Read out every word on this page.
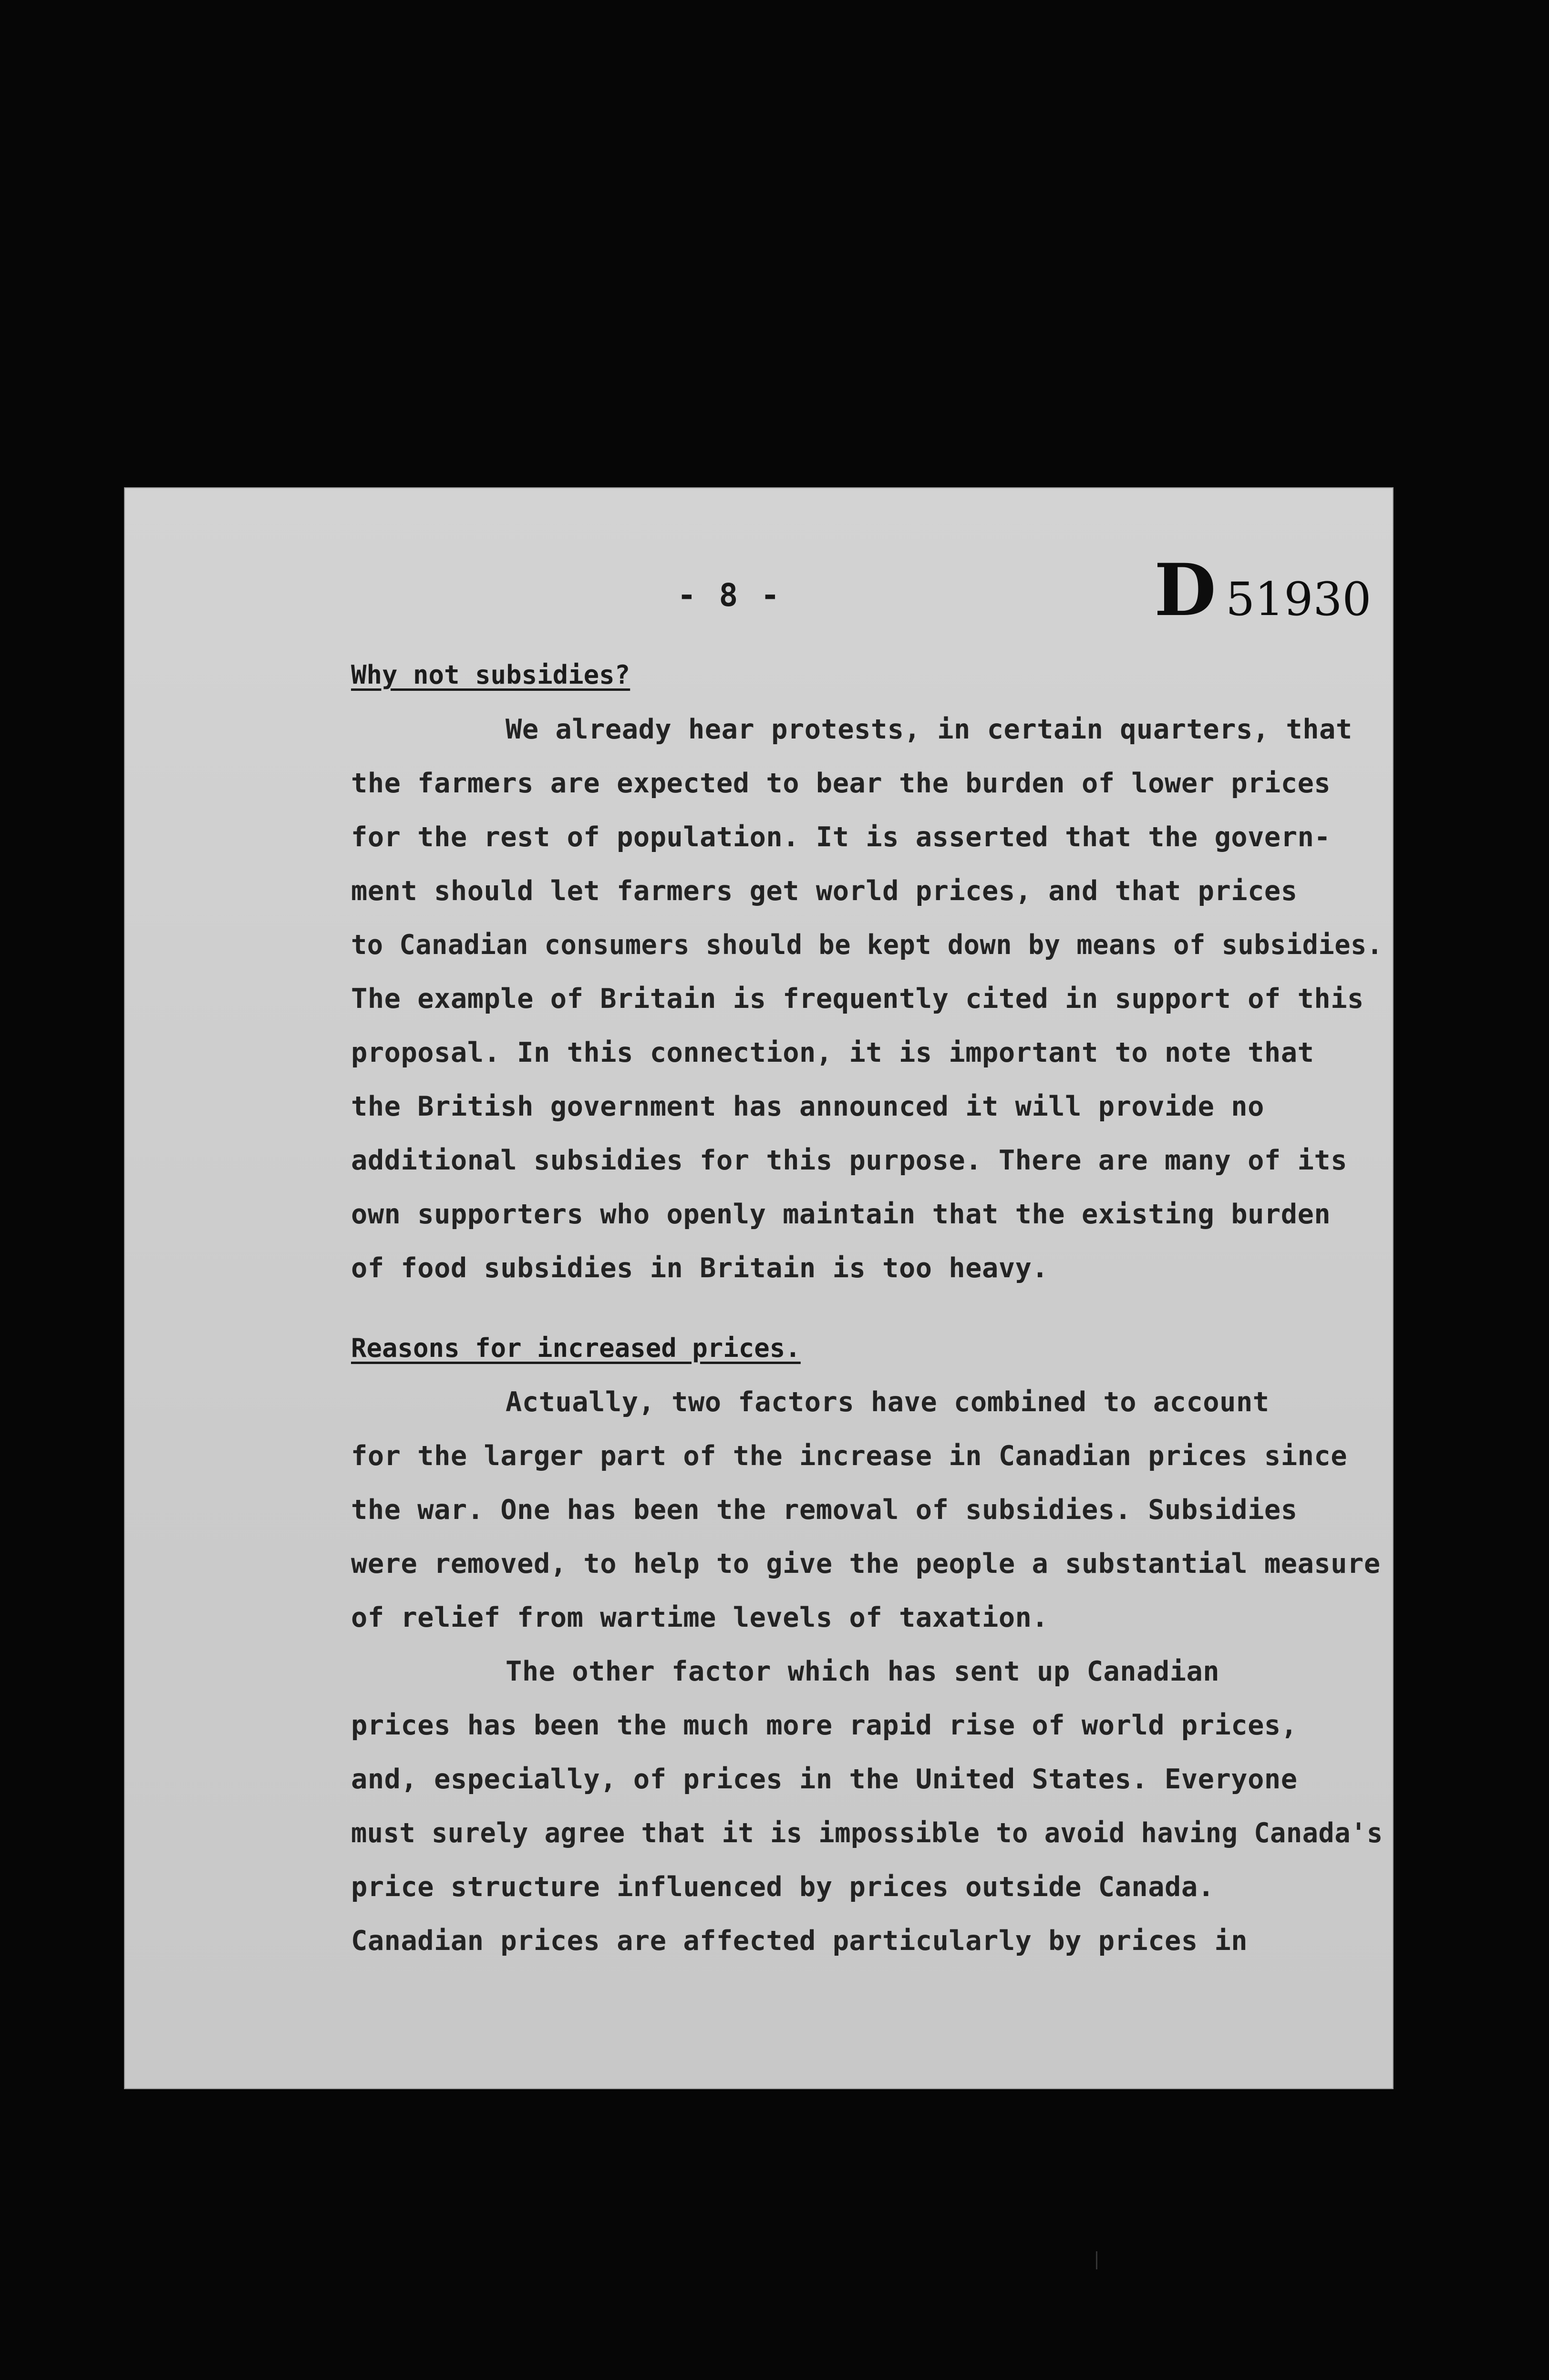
- 8 -	D 51930
Why not subsidies?
We already hear protests, in certain quarters, that
the farmers are expected to bear the burden of lower prices
for the rest of population. It is asserted that the govern-
ment should let farmers get world prices, and that prices
to Canadian consumers should be kept down by means of subsidies.
The example of Britain is frequently cited in support of this
proposal. In this connection, it is important to note that
the British government has announced it will provide no
additional subsidies for this purpose. There are many of its
own supporters who openly maintain that the existing burden
of food subsidies in Britain is too heavy.
Reasons for increased prices.
Actually, two factors have combined to account
for the larger part of the increase in Canadian prices since
the war. One has been the removal of subsidies. Subsidies
were removed, to help to give the people a substantial measure
of relief from wartime levels of taxation.
The other factor which has sent up Canadian
prices has been the much more rapid rise of world prices,
and, especially, of prices in the United States. Everyone
must surely agree that it is impossible to avoid having Canada's
price structure influenced by prices outside Canada.
Canadian prices are affected particularly by prices in
